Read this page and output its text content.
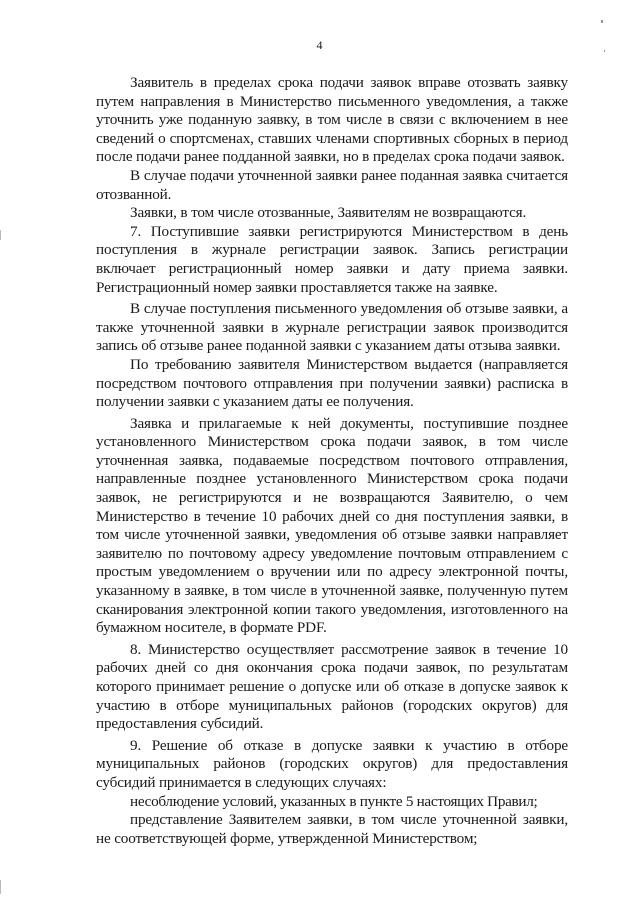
4

Заявитель в пределах срока подачи заявок вправе отозвать заявку путем направления в Министерство письменного уведомления, а также уточнить уже поданную заявку, в том числе в связи с включением в нее сведений о спортсменах, ставших членами спортивных сборных в период после подачи ранее подданной заявки, но в пределах срока подачи заявок.

В случае подачи уточненной заявки ранее поданная заявка считается отозванной.

Заявки, в том числе отозванные, Заявителям не возвращаются.

7. Поступившие заявки регистрируются Министерством в день поступления в журнале регистрации заявок. Запись регистрации включает регистрационный номер заявки и дату приема заявки. Регистрационный номер заявки проставляется также на заявке.

В случае поступления письменного уведомления об отзыве заявки, а также уточненной заявки в журнале регистрации заявок производится запись об отзыве ранее поданной заявки с указанием даты отзыва заявки.

По требованию заявителя Министерством выдается (направляется посредством почтового отправления при получении заявки) расписка в получении заявки с указанием даты ее получения.

Заявка и прилагаемые к ней документы, поступившие позднее установленного Министерством срока подачи заявок, в том числе уточненная заявка, подаваемые посредством почтового отправления, направленные позднее установленного Министерством срока подачи заявок, не регистрируются и не возвращаются Заявителю, о чем Министерство в течение 10 рабочих дней со дня поступления заявки, в том числе уточненной заявки, уведомления об отзыве заявки направляет заявителю по почтовому адресу уведомление почтовым отправлением с простым уведомлением о вручении или по адресу электронной почты, указанному в заявке, в том числе в уточненной заявке, полученную путем сканирования электронной копии такого уведомления, изготовленного на бумажном носителе, в формате PDF.

8. Министерство осуществляет рассмотрение заявок в течение 10 рабочих дней со дня окончания срока подачи заявок, по результатам которого принимает решение о допуске или об отказе в допуске заявок к участию в отборе муниципальных районов (городских округов) для предоставления субсидий.

9. Решение об отказе в допуске заявки к участию в отборе муниципальных районов (городских округов) для предоставления субсидий принимается в следующих случаях:

несоблюдение условий, указанных в пункте 5 настоящих Правил;

представление Заявителем заявки, в том числе уточненной заявки, не соответствующей форме, утвержденной Министерством;
